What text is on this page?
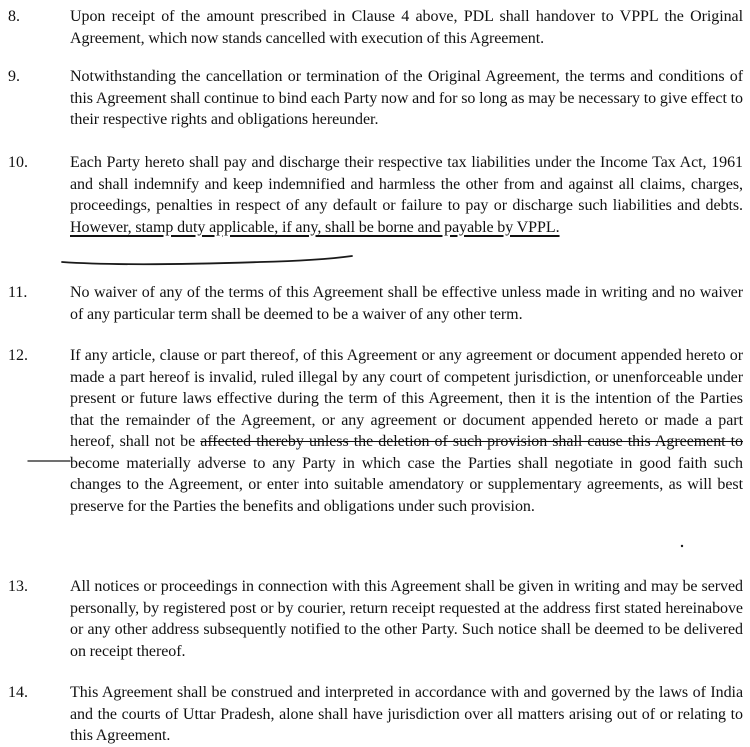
8.	Upon receipt of the amount prescribed in Clause 4 above, PDL shall handover to VPPL the Original Agreement, which now stands cancelled with execution of this Agreement.

9.	Notwithstanding the cancellation or termination of the Original Agreement, the terms and conditions of this Agreement shall continue to bind each Party now and for so long as may be necessary to give effect to their respective rights and obligations hereunder.

10.	Each Party hereto shall pay and discharge their respective tax liabilities under the Income Tax Act, 1961 and shall indemnify and keep indemnified and harmless the other from and against all claims, charges, proceedings, penalties in respect of any default or failure to pay or discharge such liabilities and debts. However, stamp duty applicable, if any, shall be borne and payable by VPPL.

11.	No waiver of any of the terms of this Agreement shall be effective unless made in writing and no waiver of any particular term shall be deemed to be a waiver of any other term.

12.	If any article, clause or part thereof, of this Agreement or any agreement or document appended hereto or made a part hereof is invalid, ruled illegal by any court of competent jurisdiction, or unenforceable under present or future laws effective during the term of this Agreement, then it is the intention of the Parties that the remainder of the Agreement, or any agreement or document appended hereto or made a part hereof, shall not be affected thereby unless the deletion of such provision shall cause this Agreement to become materially adverse to any Party in which case the Parties shall negotiate in good faith such changes to the Agreement, or enter into suitable amendatory or supplementary agreements, as will best preserve for the Parties the benefits and obligations under such provision.

13.	All notices or proceedings in connection with this Agreement shall be given in writing and may be served personally, by registered post or by courier, return receipt requested at the address first stated hereinabove or any other address subsequently notified to the other Party. Such notice shall be deemed to be delivered on receipt thereof.

14.	This Agreement shall be construed and interpreted in accordance with and governed by the laws of India and the courts of Uttar Pradesh, alone shall have jurisdiction over all matters arising out of or relating to this Agreement.
